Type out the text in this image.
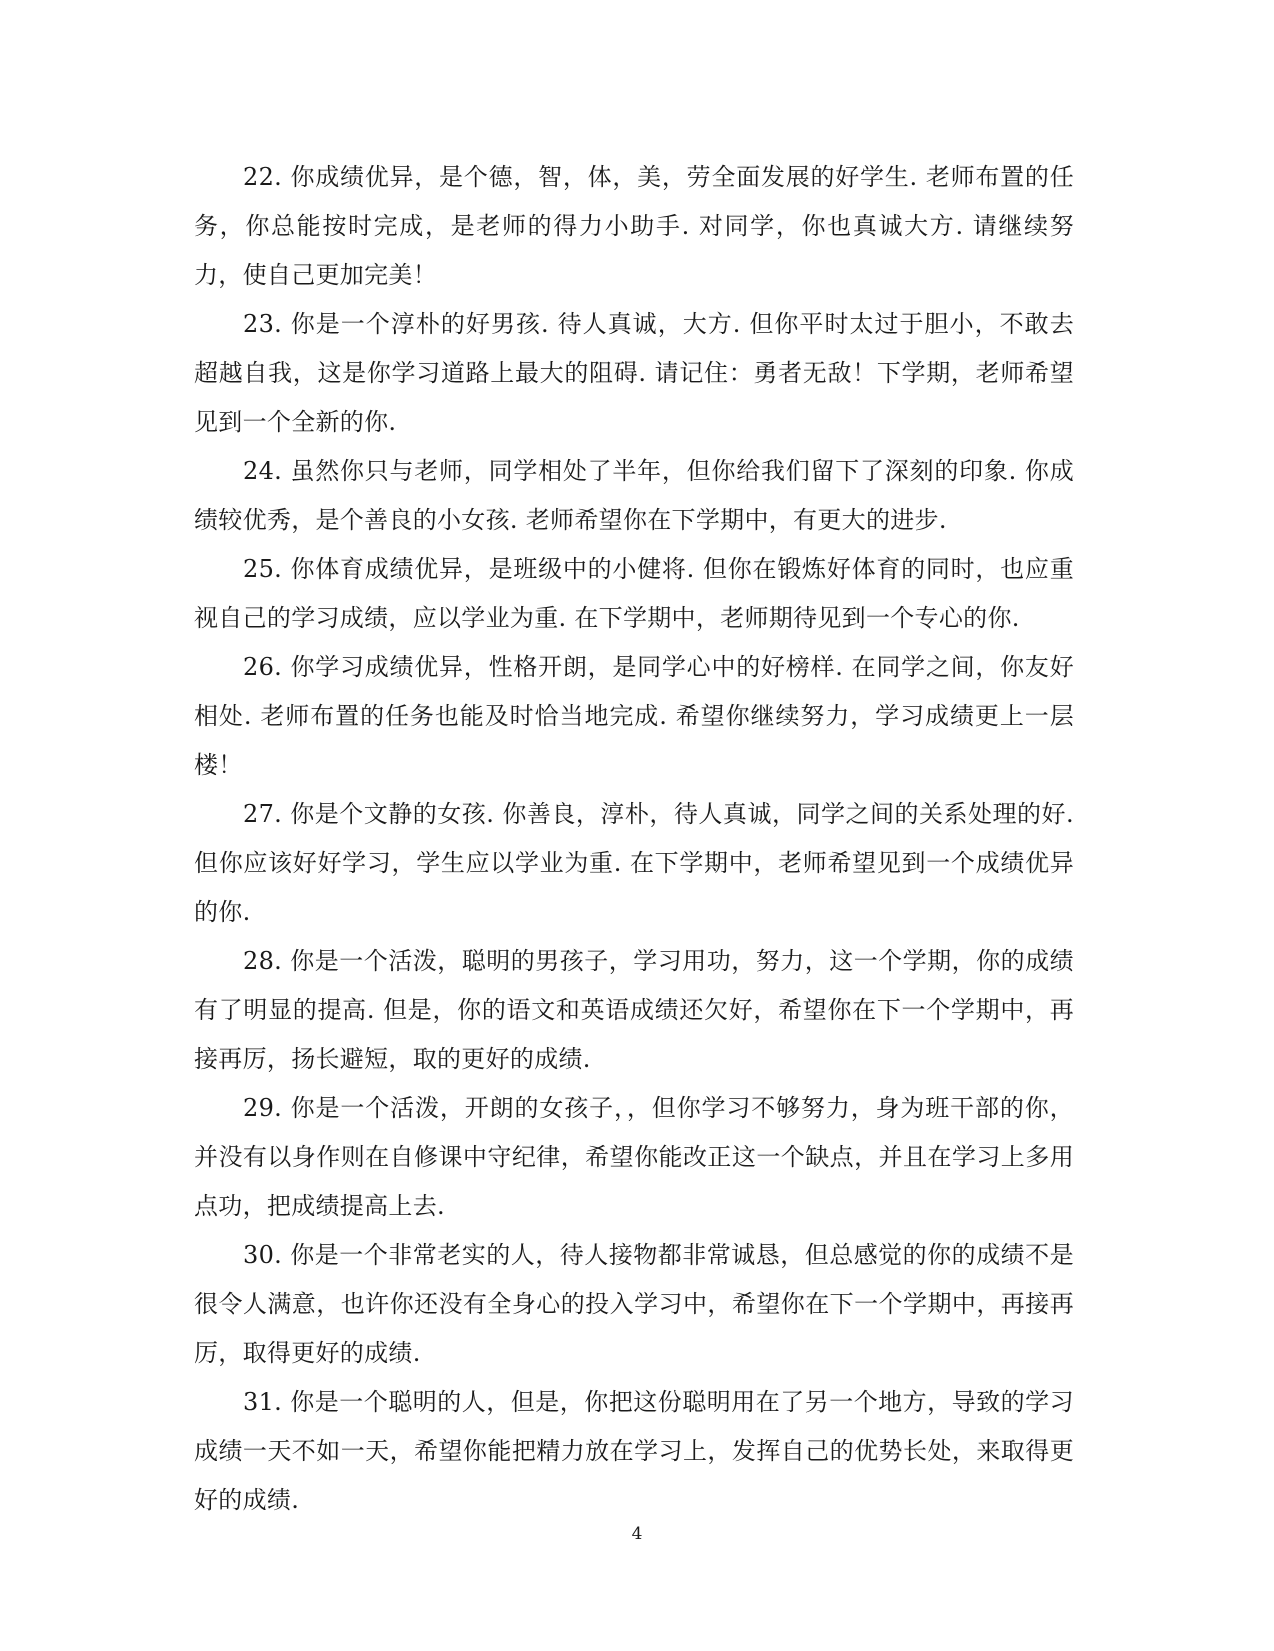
22. 你成绩优异，是个德，智，体，美，劳全面发展的好学生. 老师布置的任务，你总能按时完成，是老师的得力小助手. 对同学，你也真诚大方. 请继续努力，使自己更加完美！

23. 你是一个淳朴的好男孩. 待人真诚，大方. 但你平时太过于胆小，不敢去超越自我，这是你学习道路上最大的阻碍. 请记住：勇者无敌！下学期，老师希望见到一个全新的你.

24. 虽然你只与老师，同学相处了半年，但你给我们留下了深刻的印象. 你成绩较优秀，是个善良的小女孩. 老师希望你在下学期中，有更大的进步.

25. 你体育成绩优异，是班级中的小健将. 但你在锻炼好体育的同时，也应重视自己的学习成绩，应以学业为重. 在下学期中，老师期待见到一个专心的你.

26. 你学习成绩优异，性格开朗，是同学心中的好榜样. 在同学之间，你友好相处. 老师布置的任务也能及时恰当地完成. 希望你继续努力，学习成绩更上一层楼！

27. 你是个文静的女孩. 你善良，淳朴，待人真诚，同学之间的关系处理的好. 但你应该好好学习，学生应以学业为重. 在下学期中，老师希望见到一个成绩优异的你.

28. 你是一个活泼，聪明的男孩子，学习用功，努力，这一个学期，你的成绩有了明显的提高. 但是，你的语文和英语成绩还欠好，希望你在下一个学期中，再接再厉，扬长避短，取的更好的成绩.

29. 你是一个活泼，开朗的女孩子，，但你学习不够努力，身为班干部的你，并没有以身作则在自修课中守纪律，希望你能改正这一个缺点，并且在学习上多用点功，把成绩提高上去.

30. 你是一个非常老实的人，待人接物都非常诚恳，但总感觉的你的成绩不是很令人满意，也许你还没有全身心的投入学习中，希望你在下一个学期中，再接再厉，取得更好的成绩.

31. 你是一个聪明的人，但是，你把这份聪明用在了另一个地方，导致的学习成绩一天不如一天，希望你能把精力放在学习上，发挥自己的优势长处，来取得更好的成绩.

4
